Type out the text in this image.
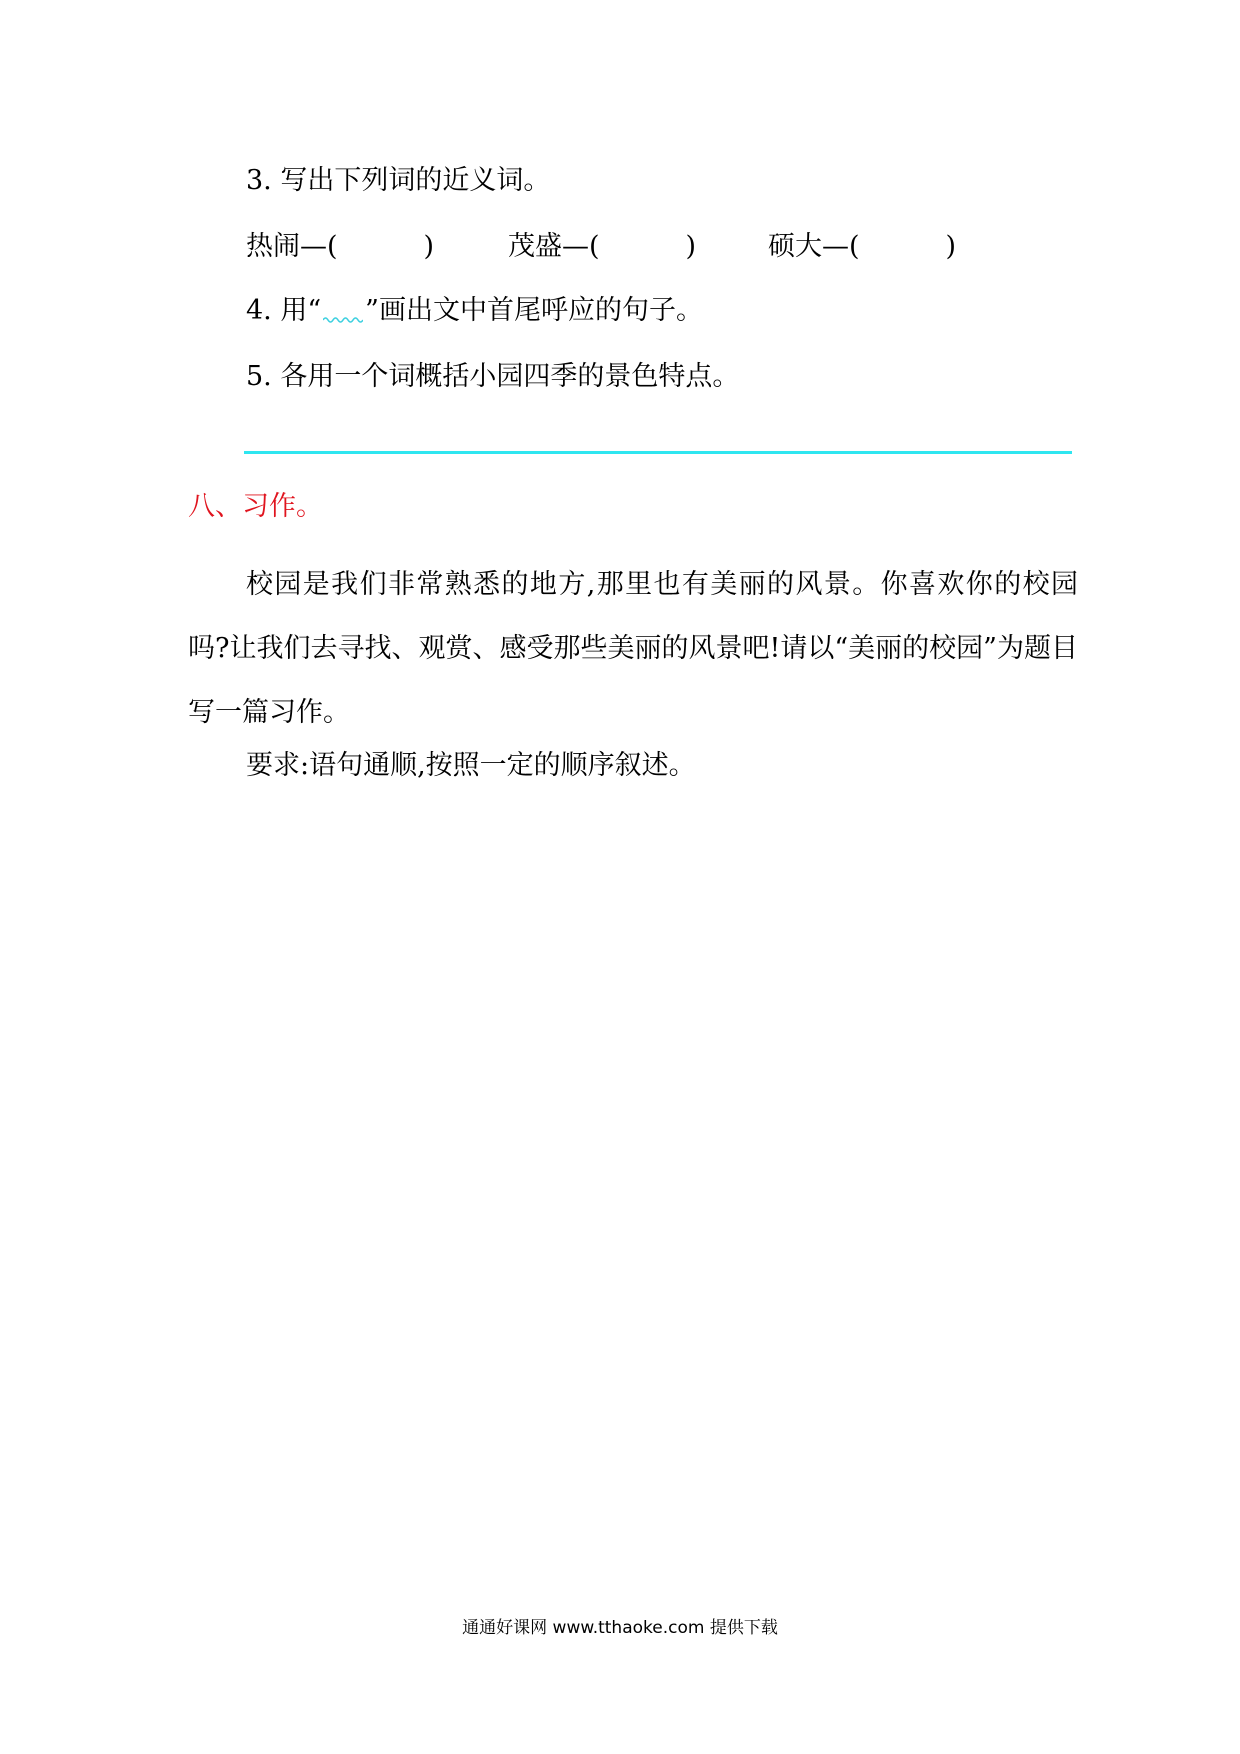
3. 写出下列词的近义词。
热闹—(	)	茂盛—(	)	硕大—(	)
4. 用“ ”画出文中首尾呼应的句子。
5. 各用一个词概括小园四季的景色特点。
八、习作。
校园是我们非常熟悉的地方,那里也有美丽的风景。你喜欢你的校园吗?让我们去寻找、观赏、感受那些美丽的风景吧!请以“美丽的校园”为题目写一篇习作。
要求:语句通顺,按照一定的顺序叙述。
通通好课网 www.tthaoke.com 提供下载
